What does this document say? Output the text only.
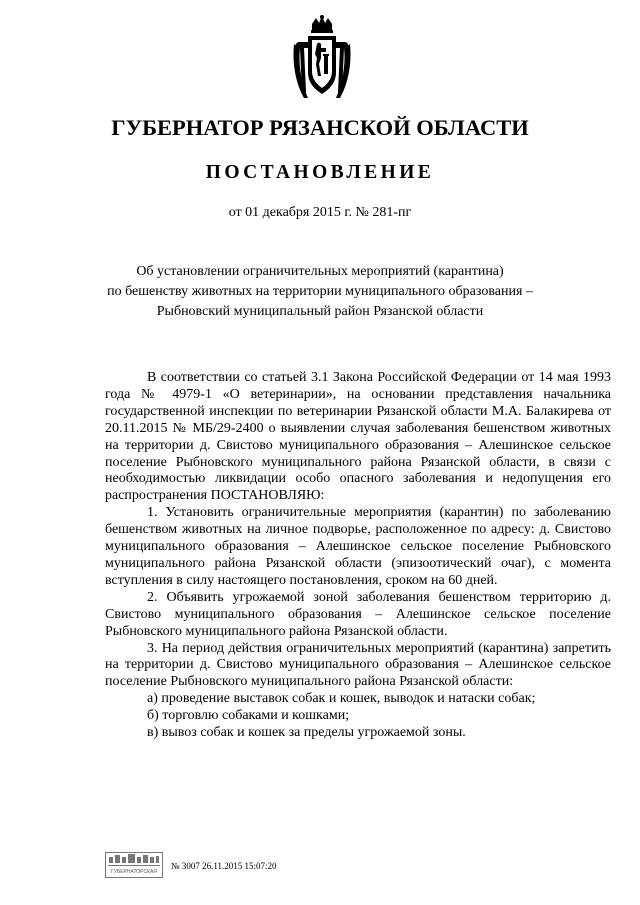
ГУБЕРНАТОР РЯЗАНСКОЙ ОБЛАСТИ
ПОСТАНОВЛЕНИЕ
от 01 декабря 2015 г. № 281-пг
Об установлении ограничительных мероприятий (карантина)
по бешенству животных на территории муниципального образования –
Рыбновский муниципальный район Рязанской области

В соответствии со статьей 3.1 Закона Российской Федерации от 14 мая 1993 года № 4979-1 «О ветеринарии», на основании представления начальника государственной инспекции по ветеринарии Рязанской области М.А. Балакирева от 20.11.2015 № МБ/29-2400 о выявлении случая заболевания бешенством животных на территории д. Свистово муниципального образования – Алешинское сельское поселение Рыбновского муниципального района Рязанской области, в связи с необходимостью ликвидации особо опасного заболевания и недопущения его распространения ПОСТАНОВЛЯЮ:

1. Установить ограничительные мероприятия (карантин) по заболеванию бешенством животных на личное подворье, расположенное по адресу: д. Свистово муниципального образования – Алешинское сельское поселение Рыбновского муниципального района Рязанской области (эпизоотический очаг), с момента вступления в силу настоящего постановления, сроком на 60 дней.

2. Объявить угрожаемой зоной заболевания бешенством территорию д. Свистово муниципального образования – Алешинское сельское поселение Рыбновского муниципального района Рязанской области.

3. На период действия ограничительных мероприятий (карантина) запретить на территории д. Свистово муниципального образования – Алешинское сельское поселение Рыбновского муниципального района Рязанской области:

а) проведение выставок собак и кошек, выводок и натаски собак;
б) торговлю собаками и кошками;
в) вывоз собак и кошек за пределы угрожаемой зоны.
ГУБЕРНАТОРСКАЯ
№ 3007 26.11.2015 15:07:20
